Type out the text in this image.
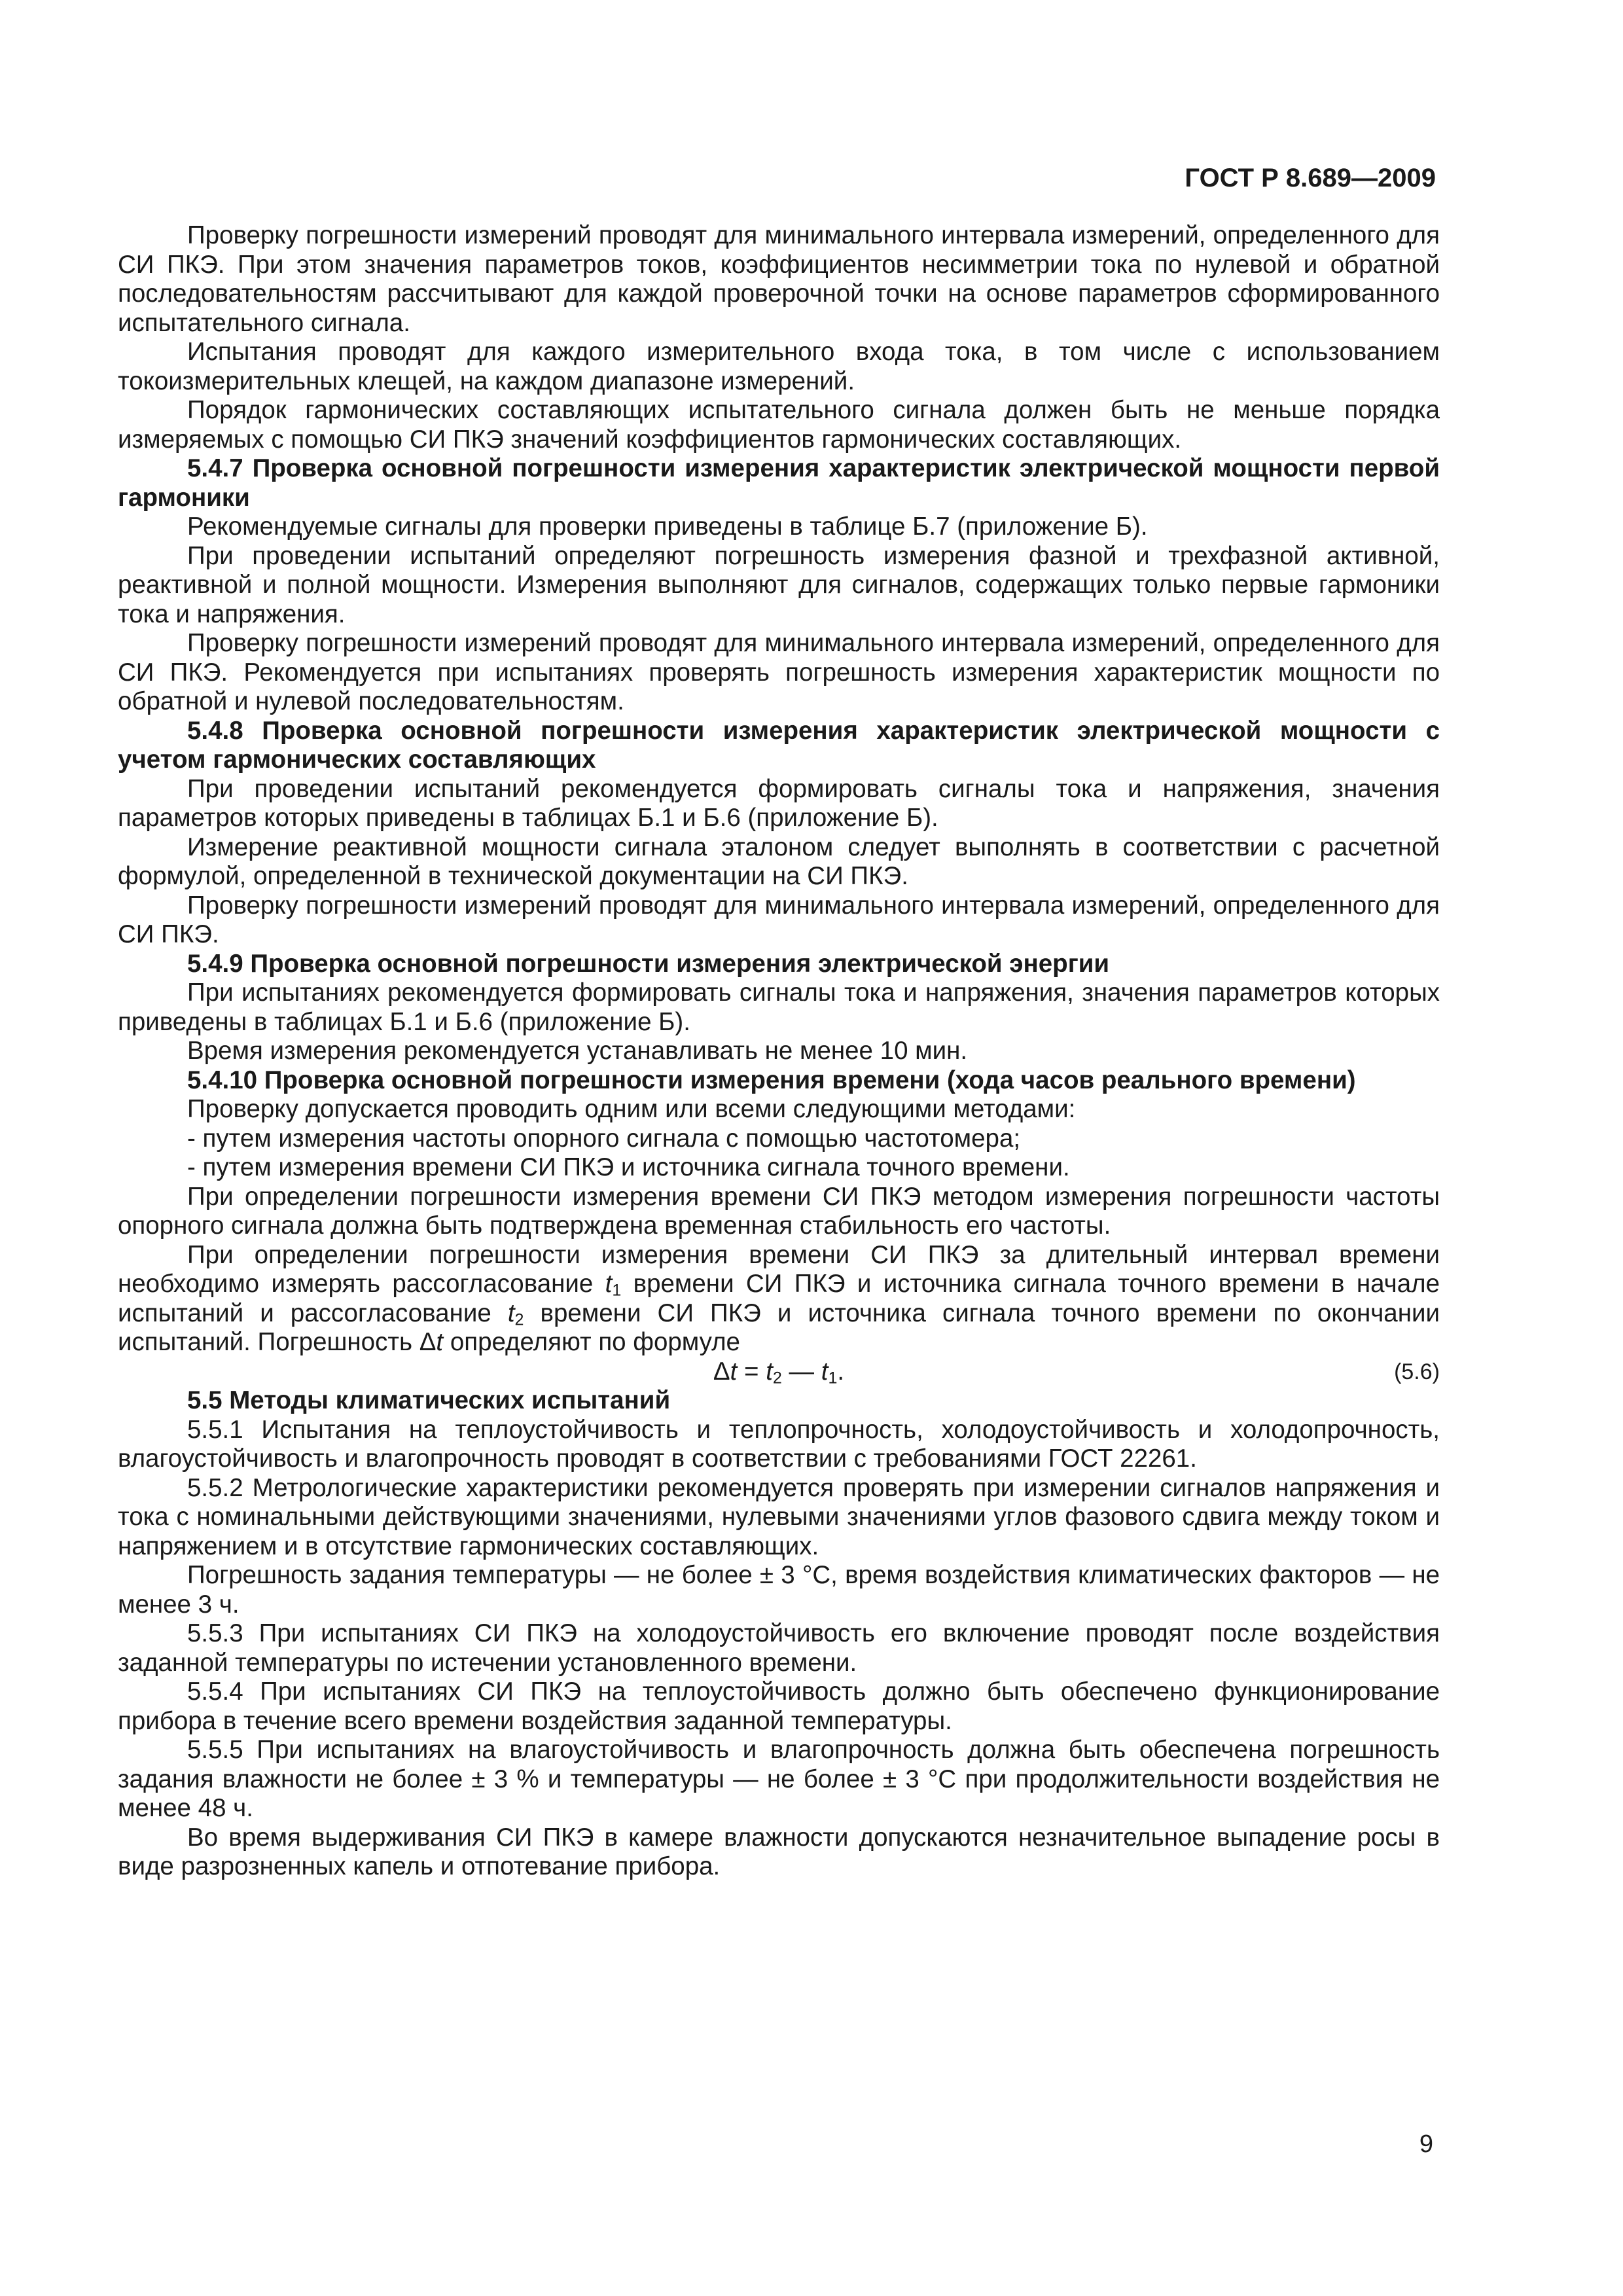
ГОСТ Р 8.689—2009

Проверку погрешности измерений проводят для минимального интервала измерений, определенного для СИ ПКЭ. При этом значения параметров токов, коэффициентов несимметрии тока по нулевой и обратной последовательностям рассчитывают для каждой проверочной точки на основе параметров сформированного испытательного сигнала.

Испытания проводят для каждого измерительного входа тока, в том числе с использованием токоизмерительных клещей, на каждом диапазоне измерений.

Порядок гармонических составляющих испытательного сигнала должен быть не меньше порядка измеряемых с помощью СИ ПКЭ значений коэффициентов гармонических составляющих.

5.4.7 Проверка основной погрешности измерения характеристик электрической мощности первой гармоники

Рекомендуемые сигналы для проверки приведены в таблице Б.7 (приложение Б).

При проведении испытаний определяют погрешность измерения фазной и трехфазной активной, реактивной и полной мощности. Измерения выполняют для сигналов, содержащих только первые гармоники тока и напряжения.

Проверку погрешности измерений проводят для минимального интервала измерений, определенного для СИ ПКЭ. Рекомендуется при испытаниях проверять погрешность измерения характеристик мощности по обратной и нулевой последовательностям.

5.4.8 Проверка основной погрешности измерения характеристик электрической мощности с учетом гармонических составляющих

При проведении испытаний рекомендуется формировать сигналы тока и напряжения, значения параметров которых приведены в таблицах Б.1 и Б.6 (приложение Б).

Измерение реактивной мощности сигнала эталоном следует выполнять в соответствии с расчетной формулой, определенной в технической документации на СИ ПКЭ.

Проверку погрешности измерений проводят для минимального интервала измерений, определенного для СИ ПКЭ.

5.4.9 Проверка основной погрешности измерения электрической энергии

При испытаниях рекомендуется формировать сигналы тока и напряжения, значения параметров которых приведены в таблицах Б.1 и Б.6 (приложение Б).

Время измерения рекомендуется устанавливать не менее 10 мин.

5.4.10 Проверка основной погрешности измерения времени (хода часов реального времени)

Проверку допускается проводить одним или всеми следующими методами:

- путем измерения частоты опорного сигнала с помощью частотомера;

- путем измерения времени СИ ПКЭ и источника сигнала точного времени.

При определении погрешности измерения времени СИ ПКЭ методом измерения погрешности частоты опорного сигнала должна быть подтверждена временная стабильность его частоты.

При определении погрешности измерения времени СИ ПКЭ за длительный интервал времени необходимо измерять рассогласование $t_1$ времени СИ ПКЭ и источника сигнала точного времени в начале испытаний и рассогласование $t_2$ времени СИ ПКЭ и источника сигнала точного времени по окончании испытаний. Погрешность Δt определяют по формуле

$\Delta t = t_2$ — $t_1$.	(5.6)

5.5 Методы климатических испытаний

5.5.1 Испытания на теплоустойчивость и теплопрочность, холодоустойчивость и холодопрочность, влагоустойчивость и влагопрочность проводят в соответствии с требованиями ГОСТ 22261.

5.5.2 Метрологические характеристики рекомендуется проверять при измерении сигналов напряжения и тока с номинальными действующими значениями, нулевыми значениями углов фазового сдвига между током и напряжением и в отсутствие гармонических составляющих.

Погрешность задания температуры — не более ± 3 °С, время воздействия климатических факторов — не менее 3 ч.

5.5.3 При испытаниях СИ ПКЭ на холодоустойчивость его включение проводят после воздействия заданной температуры по истечении установленного времени.

5.5.4 При испытаниях СИ ПКЭ на теплоустойчивость должно быть обеспечено функционирование прибора в течение всего времени воздействия заданной температуры.

5.5.5 При испытаниях на влагоустойчивость и влагопрочность должна быть обеспечена погрешность задания влажности не более ± 3 % и температуры — не более ± 3 °С при продолжительности воздействия не менее 48 ч.

Во время выдерживания СИ ПКЭ в камере влажности допускаются незначительное выпадение росы в виде разрозненных капель и отпотевание прибора.

9
